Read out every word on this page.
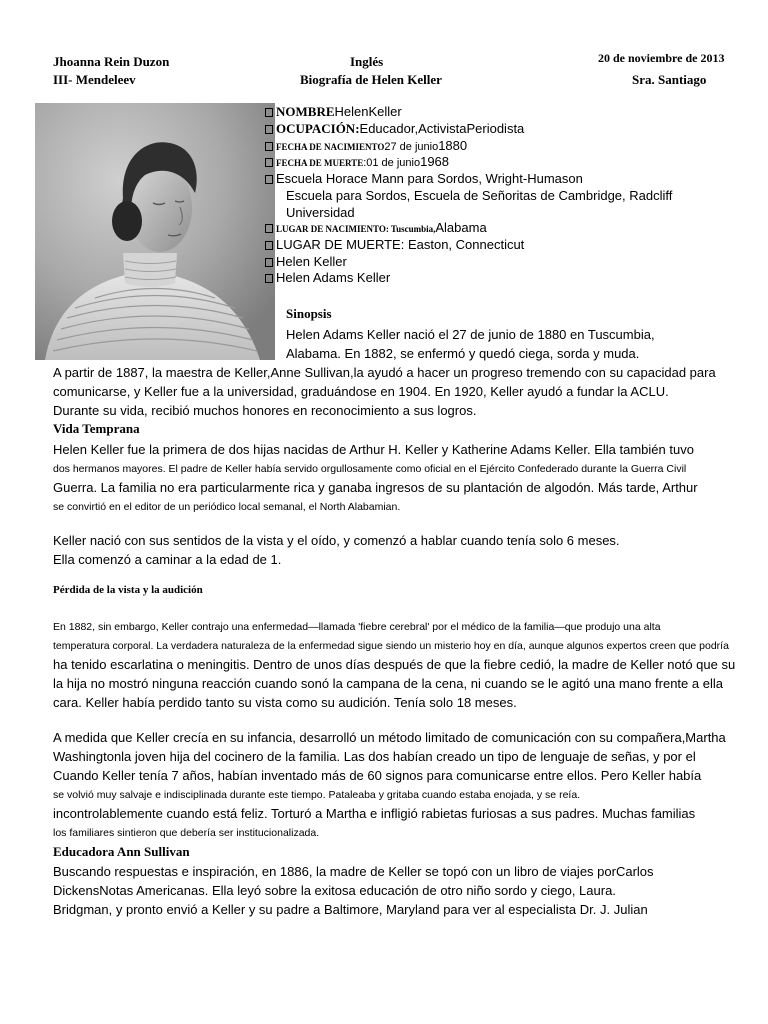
Jhoanna Rein Duzon
III- Mendeleev
Inglés
Biografía de Helen Keller
20 de noviembre de 2013
Sra. Santiago
NOMBREHelenKeller
OCUPACIÓN:Educador,ActivistaPeriodista
FECHA DE NACIMIENTO27 de junio1880
FECHA DE MUERTE:01 de junio1968
Escuela Horace Mann para Sordos, Wright-Humason
Escuela para Sordos, Escuela de Señoritas de Cambridge, Radcliff
Universidad
LUGAR DE NACIMIENTO: Tuscumbia,Alabama
LUGAR DE MUERTE: Easton, Connecticut
Helen Keller
Helen Adams Keller
Sinopsis
Helen Adams Keller nació el 27 de junio de 1880 en Tuscumbia,
Alabama. En 1882, se enfermó y quedó ciega, sorda y muda.
A partir de 1887, la maestra de Keller,Anne Sullivan,la ayudó a hacer un progreso tremendo con su capacidad para
comunicarse, y Keller fue a la universidad, graduándose en 1904. En 1920, Keller ayudó a fundar la ACLU.
Durante su vida, recibió muchos honores en reconocimiento a sus logros.
Vida Temprana
Helen Keller fue la primera de dos hijas nacidas de Arthur H. Keller y Katherine Adams Keller. Ella también tuvo
dos hermanos mayores. El padre de Keller había servido orgullosamente como oficial en el Ejército Confederado durante la Guerra Civil
Guerra. La familia no era particularmente rica y ganaba ingresos de su plantación de algodón. Más tarde, Arthur
se convirtió en el editor de un periódico local semanal, el North Alabamian.
Keller nació con sus sentidos de la vista y el oído, y comenzó a hablar cuando tenía solo 6 meses.
Ella comenzó a caminar a la edad de 1.
Pérdida de la vista y la audición
En 1882, sin embargo, Keller contrajo una enfermedad—llamada 'fiebre cerebral' por el médico de la familia—que produjo una alta
temperatura corporal. La verdadera naturaleza de la enfermedad sigue siendo un misterio hoy en día, aunque algunos expertos creen que podría
ha tenido escarlatina o meningitis. Dentro de unos días después de que la fiebre cedió, la madre de Keller notó que su
la hija no mostró ninguna reacción cuando sonó la campana de la cena, ni cuando se le agitó una mano frente a ella
cara. Keller había perdido tanto su vista como su audición. Tenía solo 18 meses.
A medida que Keller crecía en su infancia, desarrolló un método limitado de comunicación con su compañera,Martha
Washingtonla joven hija del cocinero de la familia. Las dos habían creado un tipo de lenguaje de señas, y por el
Cuando Keller tenía 7 años, habían inventado más de 60 signos para comunicarse entre ellos. Pero Keller había
se volvió muy salvaje e indisciplinada durante este tiempo. Pataleaba y gritaba cuando estaba enojada, y se reía.
incontrolablemente cuando está feliz. Torturó a Martha e infligió rabietas furiosas a sus padres. Muchas familias
los familiares sintieron que debería ser institucionalizada.
Educadora Ann Sullivan
Buscando respuestas e inspiración, en 1886, la madre de Keller se topó con un libro de viajes porCarlos
DickensNotas Americanas. Ella leyó sobre la exitosa educación de otro niño sordo y ciego, Laura.
Bridgman, y pronto envió a Keller y su padre a Baltimore, Maryland para ver al especialista Dr. J. Julian
